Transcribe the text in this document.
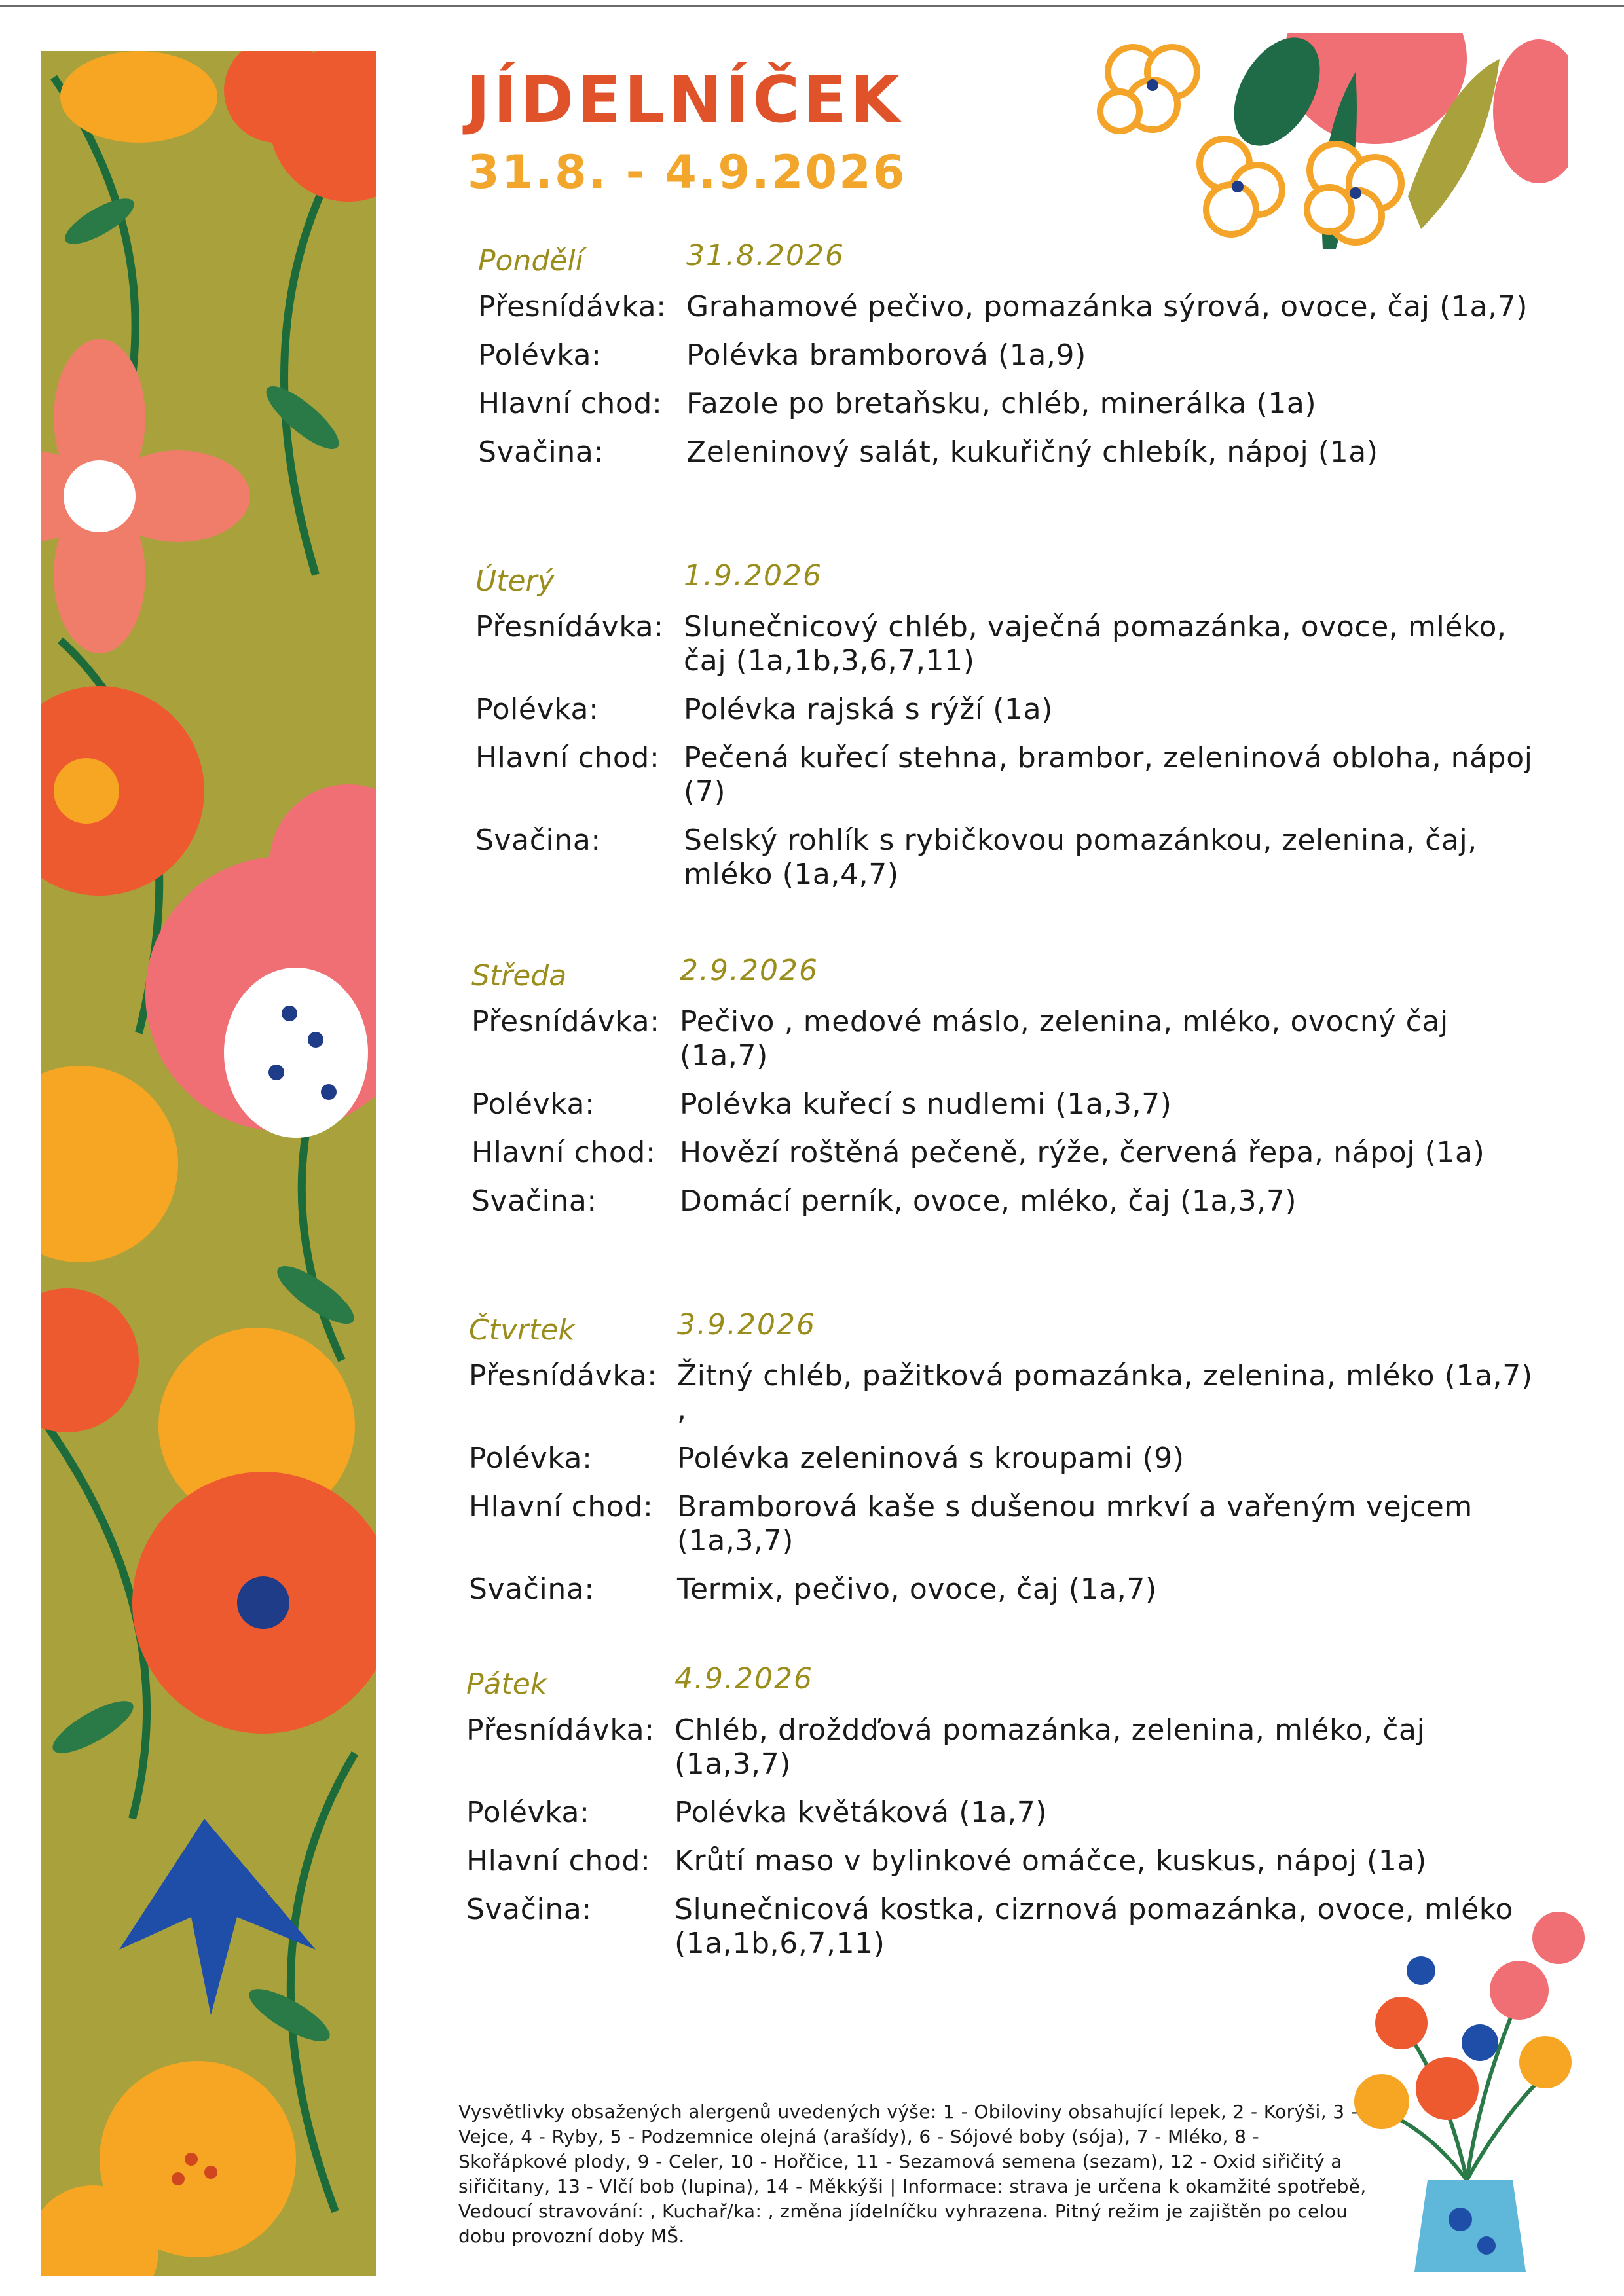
JÍDELNÍČEK
31.8. - 4.9.2026
Pondělí	31.8.2026
Přesnídávka: Grahamové pečivo, pomazánka sýrová, ovoce, čaj (1a,7)
Polévka:	Polévka bramborová (1a,9)
Hlavní chod: Fazole po bretaňsku, chléb, minerálka (1a)
Svačina:	Zeleninový salát, kukuřičný chlebík, nápoj (1a)
Úterý	1.9.2026
Přesnídávka: Slunečnicový chléb, vaječná pomazánka, ovoce, mléko, čaj (1a,1b,3,6,7,11)
Polévka:	Polévka rajská s rýží (1a)
Hlavní chod: Pečená kuřecí stehna, brambor, zeleninová obloha, nápoj (7)
Svačina:	Selský rohlík s rybičkovou pomazánkou, zelenina, čaj, mléko (1a,4,7)
Středa	2.9.2026
Přesnídávka: Pečivo , medové máslo, zelenina, mléko, ovocný čaj (1a,7)
Polévka:	Polévka kuřecí s nudlemi (1a,3,7)
Hlavní chod: Hovězí roštěná pečeně, rýže, červená řepa, nápoj (1a)
Svačina:	Domácí perník, ovoce, mléko, čaj (1a,3,7)
Čtvrtek	3.9.2026
Přesnídávka: Žitný chléb, pažitková pomazánka, zelenina, mléko (1a,7) ,
Polévka:	Polévka zeleninová s kroupami (9)
Hlavní chod: Bramborová kaše s dušenou mrkví a vařeným vejcem (1a,3,7)
Svačina:	Termix, pečivo, ovoce, čaj (1a,7)
Pátek	4.9.2026
Přesnídávka: Chléb, droždďová pomazánka, zelenina, mléko, čaj (1a,3,7)
Polévka:	Polévka květáková (1a,7)
Hlavní chod: Krůtí maso v bylinkové omáčce, kuskus, nápoj (1a)
Svačina:	Slunečnicová kostka, cizrnová pomazánka, ovoce, mléko (1a,1b,6,7,11)
Vysvětlivky obsažených alergenů uvedených výše: 1 - Obiloviny obsahující lepek, 2 - Korýši, 3 - Vejce, 4 - Ryby, 5 - Podzemnice olejná (arašídy), 6 - Sójové boby (sója), 7 - Mléko, 8 - Skořápkové plody, 9 - Celer, 10 - Hořčice, 11 - Sezamová semena (sezam), 12 - Oxid siřičitý a siřičitany, 13 - Vlčí bob (lupina), 14 - Měkkýši | Informace: strava je určena k okamžité spotřebě, Vedoucí stravování: , Kuchař/ka: , změna jídelníčku vyhrazena. Pitný režim je zajištěn po celou dobu provozní doby MŠ.
